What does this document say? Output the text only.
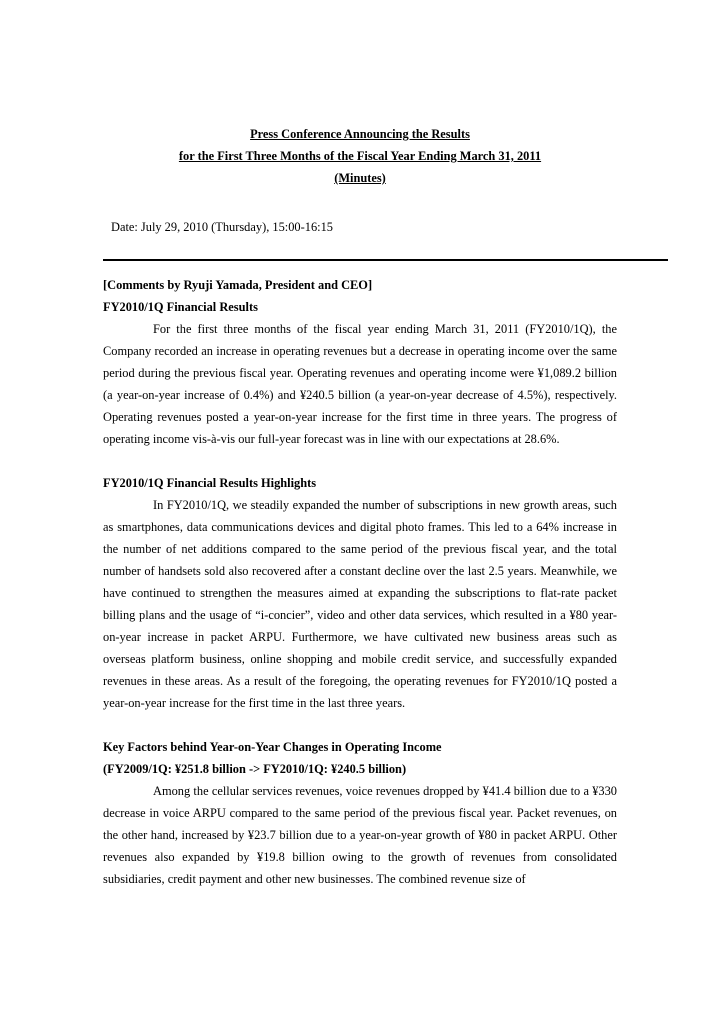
Press Conference Announcing the Results
for the First Three Months of the Fiscal Year Ending March 31, 2011
(Minutes)
Date: July 29, 2010 (Thursday), 15:00-16:15

[Comments by Ryuji Yamada, President and CEO]

FY2010/1Q Financial Results

For the first three months of the fiscal year ending March 31, 2011 (FY2010/1Q), the Company recorded an increase in operating revenues but a decrease in operating income over the same period during the previous fiscal year. Operating revenues and operating income were ¥1,089.2 billion (a year-on-year increase of 0.4%) and ¥240.5 billion (a year-on-year decrease of 4.5%), respectively. Operating revenues posted a year-on-year increase for the first time in three years. The progress of operating income vis-à-vis our full-year forecast was in line with our expectations at 28.6%.

FY2010/1Q Financial Results Highlights

In FY2010/1Q, we steadily expanded the number of subscriptions in new growth areas, such as smartphones, data communications devices and digital photo frames. This led to a 64% increase in the number of net additions compared to the same period of the previous fiscal year, and the total number of handsets sold also recovered after a constant decline over the last 2.5 years. Meanwhile, we have continued to strengthen the measures aimed at expanding the subscriptions to flat-rate packet billing plans and the usage of “i-concier”, video and other data services, which resulted in a ¥80 year-on-year increase in packet ARPU. Furthermore, we have cultivated new business areas such as overseas platform business, online shopping and mobile credit service, and successfully expanded revenues in these areas. As a result of the foregoing, the operating revenues for FY2010/1Q posted a year-on-year increase for the first time in the last three years.

Key Factors behind Year-on-Year Changes in Operating Income

(FY2009/1Q: ¥251.8 billion -> FY2010/1Q: ¥240.5 billion)

Among the cellular services revenues, voice revenues dropped by ¥41.4 billion due to a ¥330 decrease in voice ARPU compared to the same period of the previous fiscal year. Packet revenues, on the other hand, increased by ¥23.7 billion due to a year-on-year growth of ¥80 in packet ARPU. Other revenues also expanded by ¥19.8 billion owing to the growth of revenues from consolidated subsidiaries, credit payment and other new businesses. The combined revenue size of
